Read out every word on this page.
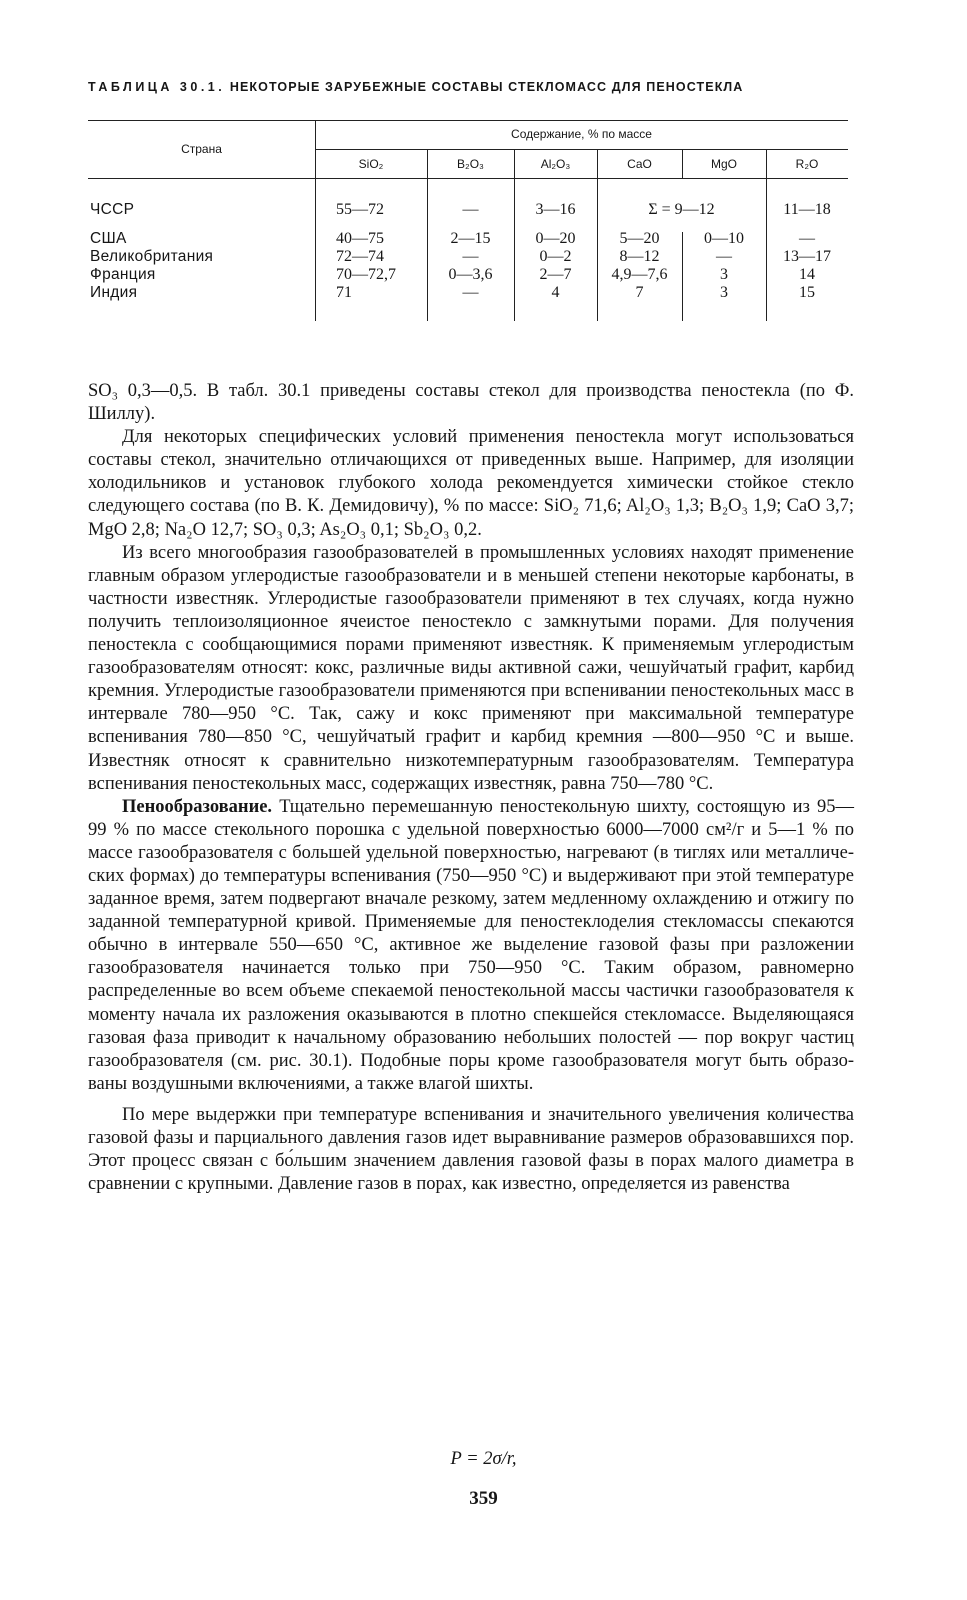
ТАБЛИЦА 30.1. НЕКОТОРЫЕ ЗАРУБЕЖНЫЕ СОСТАВЫ СТЕКЛОМАСС ДЛЯ ПЕНОСТЕКЛА
Страна
Содержание, % по массе
SiO₂	B₂O₃	Al₂O₃	CaO	MgO	R₂O
ЧССР	55—72	—	3—16	Σ = 9—12	11—18
США	40—75	2—15	0—20	5—20	0—10	—
Великобритания	72—74	—	0—2	8—12	—	13—17
Франция	70—72,7	0—3,6	2—7	4,9—7,6	3	14
Индия	71	—	4	7	3	15

SO₃ 0,3—0,5. В табл. 30.1 приведены составы стекол для производства пеностекла (по Ф. Шиллу).

Для некоторых специфических условий применения пеностекла могут использоваться составы стекол, значительно отличающихся от приведенных выше. Например, для изоляции холодильников и установок глубокого холода рекомендуется химически стойкое стекло следующего состава (по В. К. Демидовичу), % по массе: SiO₂ 71,6; Al₂O₃ 1,3; B₂O₃ 1,9; CaO 3,7; MgO 2,8; Na₂O 12,7; SO₃ 0,3; As₂O₃ 0,1; Sb₂O₃ 0,2.

Из всего многообразия газообразователей в промышленных условиях находят применение главным образом углеродистые газообразователи и в меньшей степени некоторые карбонаты, в частности известняк. Углеродистые газообразователи применяют в тех случаях, когда нужно получить теплоизоляционное ячеистое пеностекло с замкнутыми порами. Для получения пеностекла с сообщающимися порами применяют известняк. К применяемым углеродистым газообразователям относят: кокс, различные виды активной сажи, чешуйчатый графит, карбид кремния. Углеродистые газообразователи применяются при вспенивании пеностекольных масс в интервале 780—950 °С. Так, сажу и кокс применяют при максимальной температуре вспенивания 780—850 °С, чешуйчатый графит и карбид кремния —800—950 °С и выше. Известняк относят к сравнительно низкотемпературным газообразователям. Температура вспенивания пеностекольных масс, содержащих известняк, равна 750—780 °С.

Пенообразование. Тщательно перемешанную пеностекольную шихту, состоящую из 95—99 % по массе стекольного порошка с удельной поверхностью 6000—7000 см²/г и 5—1 % по массе газообразователя с большей удельной поверхностью, нагревают (в тиглях или металлических формах) до температуры вспенивания (750—950 °С) и выдерживают при этой температуре заданное время, затем подвергают вначале резкому, затем медленному охлаждению и отжигу по заданной температурной кривой. Применяемые для пеностеклоделия стекломассы спекаются обычно в интервале 550—650 °С, активное же выделение газовой фазы при разложении газообразователя начинается только при 750—950 °С. Таким образом, равномерно распределенные во всем объеме спекаемой пеностекольной массы частички газообразователя к моменту начала их разложения оказываются в плотно спекшейся стекломассе. Выделяющаяся газовая фаза приводит к начальному образованию небольших полостей — пор вокруг частиц газообразователя (см. рис. 30.1). Подобные поры кроме газообразователя могут быть образованы воздушными включениями, а также влагой шихты.

По мере выдержки при температуре вспенивания и значительного увеличения количества газовой фазы и парциального давления газов идет выравнивание размеров образовавшихся пор. Этот процесс связан с бо́льшим значением давления газовой фазы в порах малого диаметра в сравнении с крупными. Давление газов в порах, как известно, определяется из равенства

P = 2σ/r,
359
